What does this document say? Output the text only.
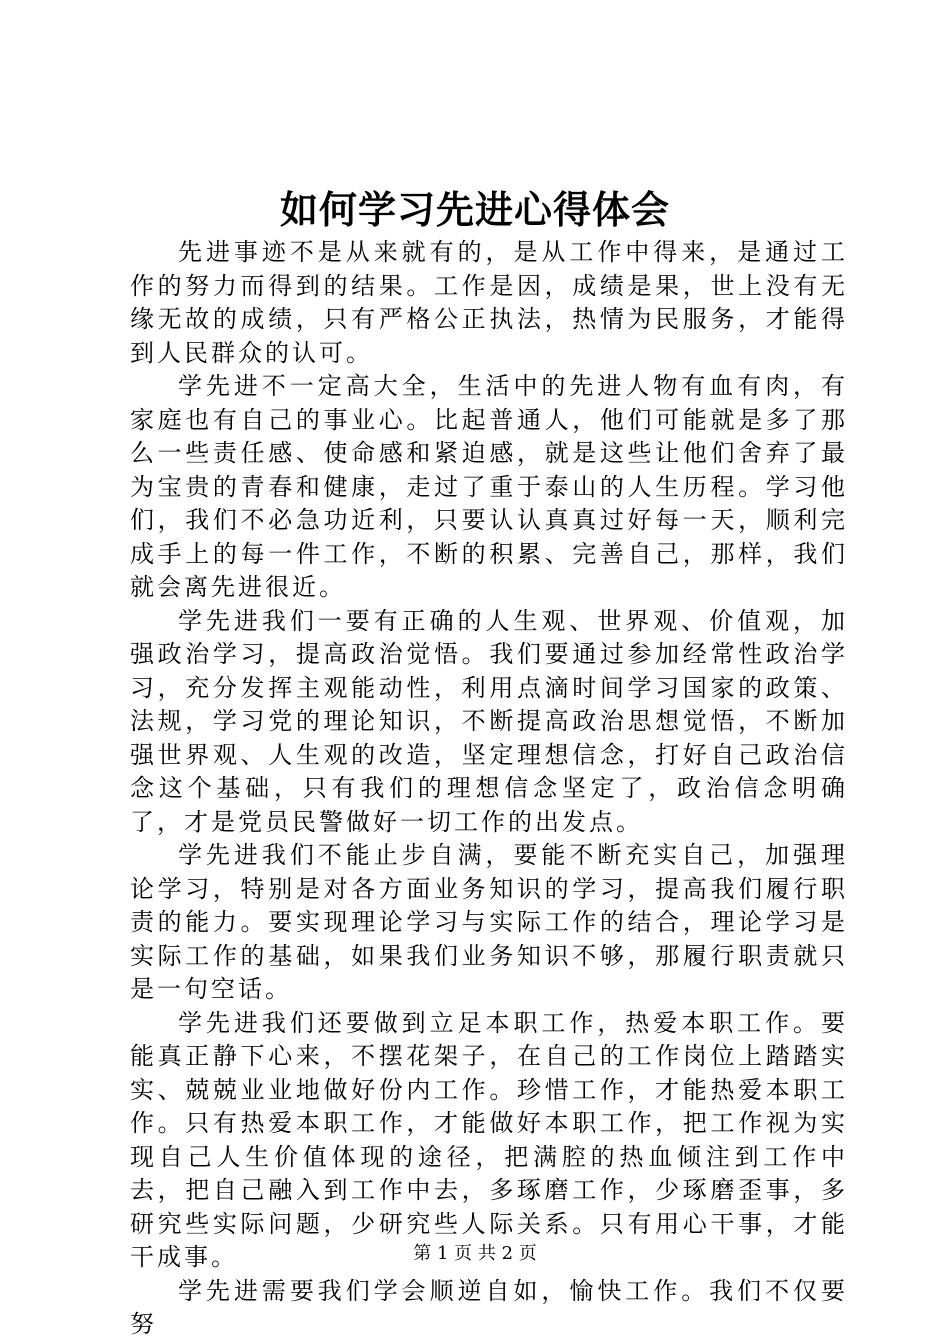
如何学习先进心得体会

先进事迹不是从来就有的，是从工作中得来，是通过工作的努力而得到的结果。工作是因，成绩是果，世上没有无缘无故的成绩，只有严格公正执法，热情为民服务，才能得到人民群众的认可。

学先进不一定高大全，生活中的先进人物有血有肉，有家庭也有自己的事业心。比起普通人，他们可能就是多了那么一些责任感、使命感和紧迫感，就是这些让他们舍弃了最为宝贵的青春和健康，走过了重于泰山的人生历程。学习他们，我们不必急功近利，只要认认真真过好每一天，顺利完成手上的每一件工作，不断的积累、完善自己，那样，我们就会离先进很近。

学先进我们一要有正确的人生观、世界观、价值观，加强政治学习，提高政治觉悟。我们要通过参加经常性政治学习，充分发挥主观能动性，利用点滴时间学习国家的政策、法规，学习党的理论知识，不断提高政治思想觉悟，不断加强世界观、人生观的改造，坚定理想信念，打好自己政治信念这个基础，只有我们的理想信念坚定了，政治信念明确了，才是党员民警做好一切工作的出发点。

学先进我们不能止步自满，要能不断充实自己，加强理论学习，特别是对各方面业务知识的学习，提高我们履行职责的能力。要实现理论学习与实际工作的结合，理论学习是实际工作的基础，如果我们业务知识不够，那履行职责就只是一句空话。

学先进我们还要做到立足本职工作，热爱本职工作。要能真正静下心来，不摆花架子，在自己的工作岗位上踏踏实实、兢兢业业地做好份内工作。珍惜工作，才能热爱本职工作。只有热爱本职工作，才能做好本职工作，把工作视为实现自己人生价值体现的途径，把满腔的热血倾注到工作中去，把自己融入到工作中去，多琢磨工作，少琢磨歪事，多研究些实际问题，少研究些人际关系。只有用心干事，才能干成事。

学先进需要我们学会顺逆自如，愉快工作。我们不仅要努

第 1 页 共 2 页
